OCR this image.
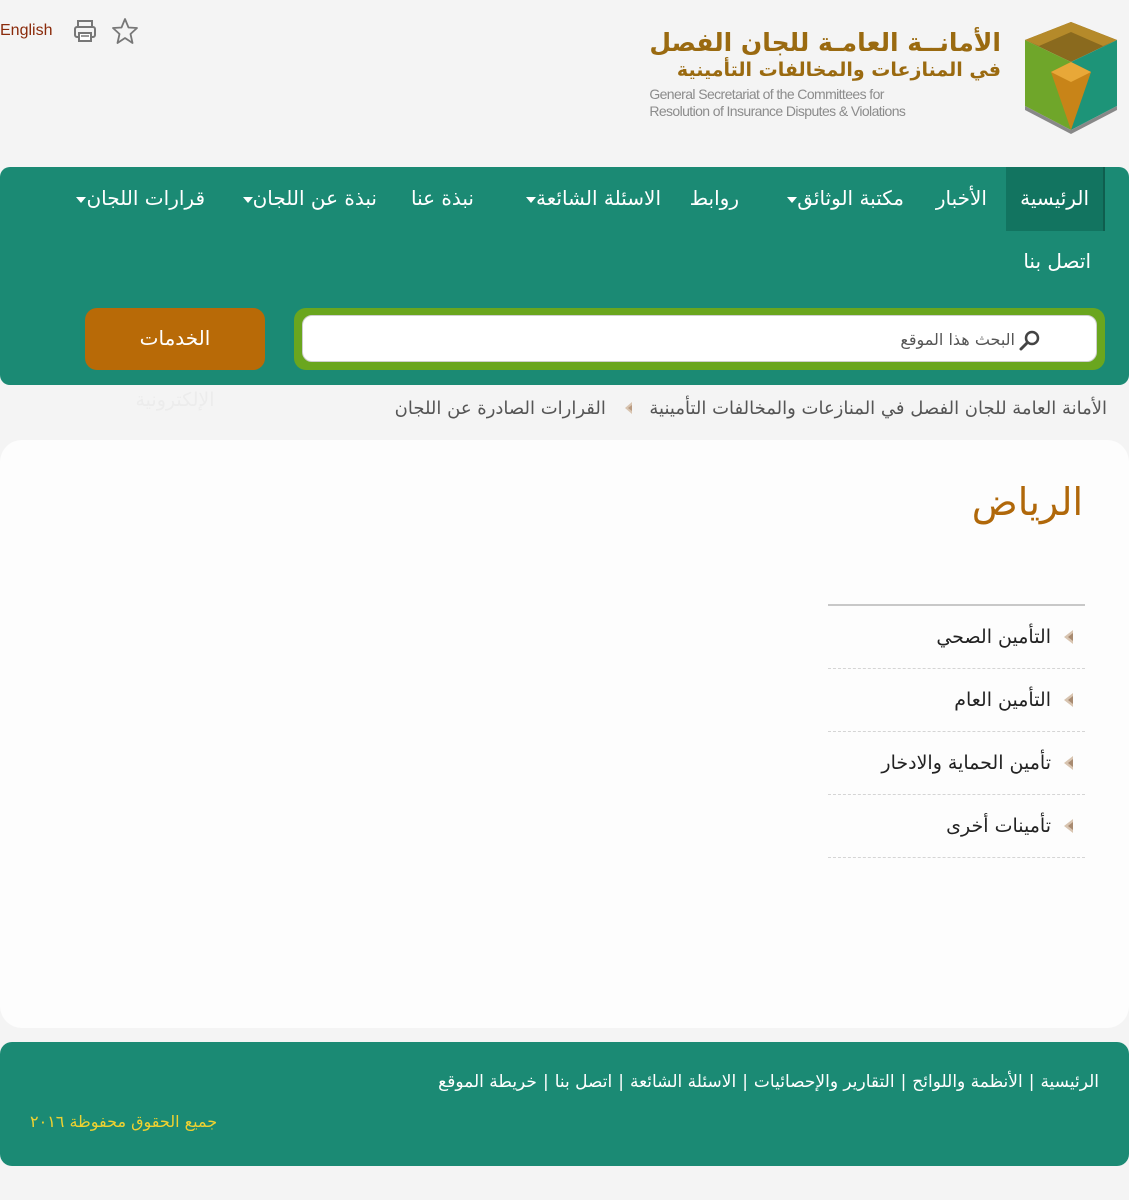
English	الأمانــة العامـة للجان الفصل
في المنازعات والمخالفات التأمينية
General Secretariat of the Committees for
Resolution of Insurance Disputes & Violations
الرئيسية
الأخبار
مكتبة الوثائق
روابط
الاسئلة الشائعة
نبذة عنا
نبذة عن اللجان
قرارات اللجان
اتصل بنا
البحث هذا الموقع
الخدمات
الإلكترونية	الأمانة العامة للجان الفصل في المنازعات والمخالفات التأمينية  القرارات الصادرة عن اللجان
الرياض
التأمين الصحي
التأمين العام
تأمين الحماية والادخار
تأمينات أخرى
الرئيسية|الأنظمة واللوائح|التقارير والإحصائيات|الاسئلة الشائعة|اتصل بنا|خريطة الموقع
جميع الحقوق محفوظة ٢٠١٦
